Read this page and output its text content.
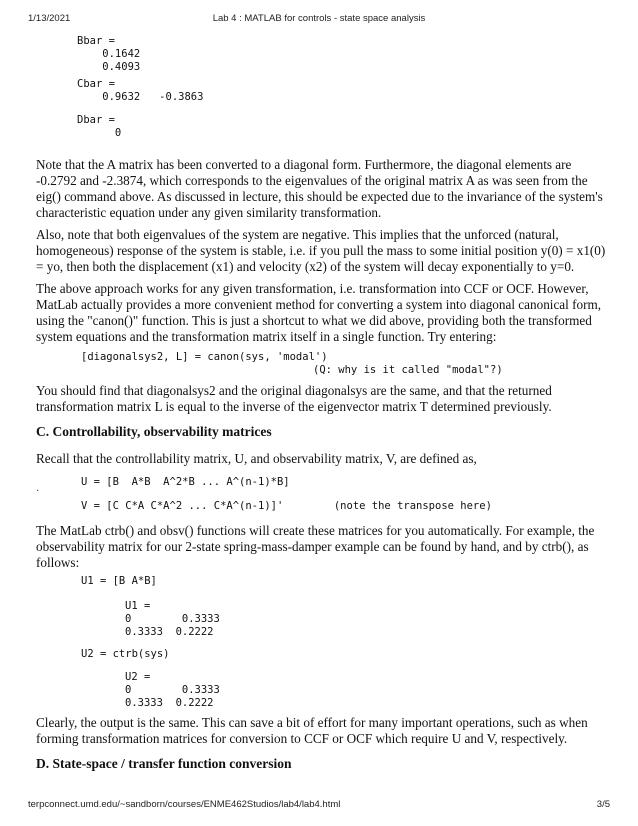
1/13/2021	Lab 4 : MATLAB for controls - state space analysis
Bbar =
0.1642
0.4093
Cbar =
0.9632   -0.3863
Dbar =
0

Note that the A matrix has been converted to a diagonal form. Furthermore, the diagonal elements are -0.2792 and -2.3874, which corresponds to the eigenvalues of the original matrix A as was seen from the eig() command above. As discussed in lecture, this should be expected due to the invariance of the system's characteristic equation under any given similarity transformation.

Also, note that both eigenvalues of the system are negative. This implies that the unforced (natural, homogeneous) response of the system is stable, i.e. if you pull the mass to some initial position y(0) = x1(0) = yo, then both the displacement (x1) and velocity (x2) of the system will decay exponentially to y=0.

The above approach works for any given transformation, i.e. transformation into CCF or OCF. However, MatLab actually provides a more convenient method for converting a system into diagonal canonical form, using the "canon()" function. This is just a shortcut to what we did above, providing both the transformed system equations and the transformation matrix itself in a single function. Try entering:

[diagonalsys2, L] = canon(sys, 'modal')
(Q: why is it called "modal"?)

You should find that diagonalsys2 and the original diagonalsys are the same, and that the returned transformation matrix L is equal to the inverse of the eigenvector matrix T determined previously.

C. Controllability, observability matrices

Recall that the controllability matrix, U, and observability matrix, V, are defined as,

U = [B  A*B  A^2*B ... A^(n-1)*B]
·
V = [C C*A C*A^2 ... C*A^(n-1)]'        (note the transpose here)

The MatLab ctrb() and obsv() functions will create these matrices for you automatically. For example, the observability matrix for our 2-state spring-mass-damper example can be found by hand, and by ctrb(), as follows:

U1 = [B A*B]
U1 =
0        0.3333
0.3333  0.2222
U2 = ctrb(sys)
U2 =
0        0.3333
0.3333  0.2222

Clearly, the output is the same. This can save a bit of effort for many important operations, such as when forming transformation matrices for conversion to CCF or OCF which require U and V, respectively.

D. State-space / transfer function conversion
terpconnect.umd.edu/~sandborn/courses/ENME462Studios/lab4/lab4.html	3/5
